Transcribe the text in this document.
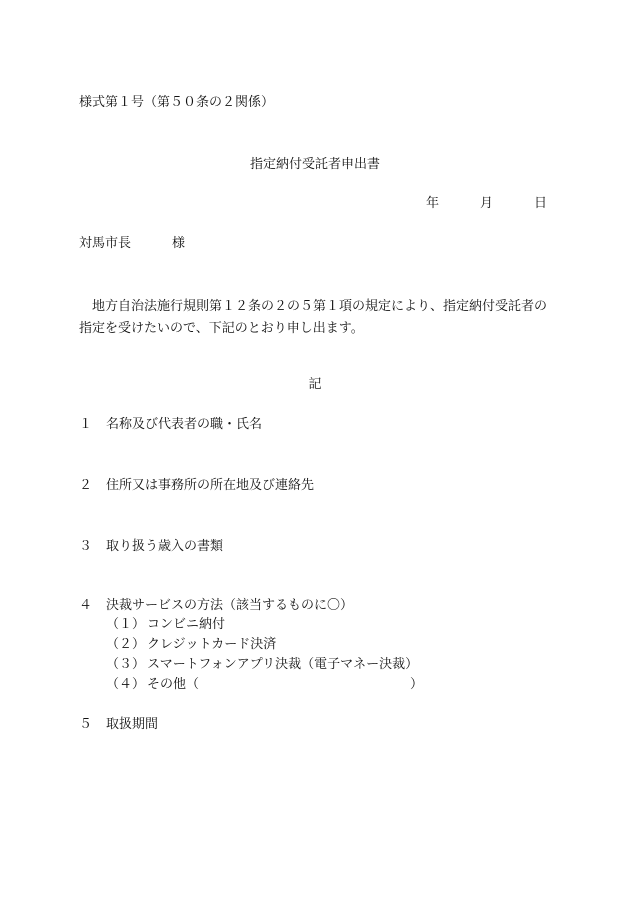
様式第１号（第５０条の２関係）
指定納付受託者申出書
年	月	日
対馬市長	様
地方自治法施行規則第１２条の２の５第１項の規定により、指定納付受託者の指定を受けたいので、下記のとおり申し出ます。
記
１ 名称及び代表者の職・氏名
２ 住所又は事務所の所在地及び連絡先
３ 取り扱う歳入の書類
４ 決裁サービスの方法（該当するものに〇）
（１） コンビニ納付
（２） クレジットカード決済
（３） スマートフォンアプリ決裁（電子マネー決裁）
（４） その他（	）
５ 取扱期間
